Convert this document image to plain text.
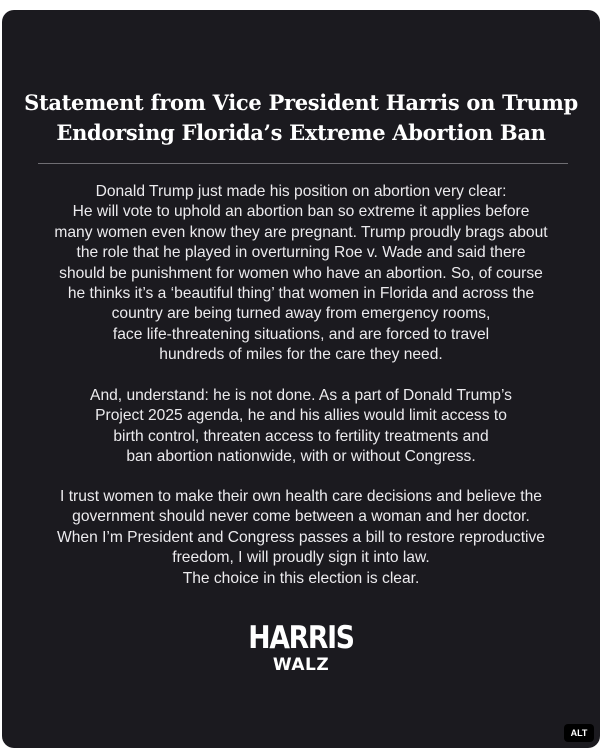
Statement from Vice President Harris on Trump
Endorsing Florida’s Extreme Abortion Ban

Donald Trump just made his position on abortion very clear:
He will vote to uphold an abortion ban so extreme it applies before
many women even know they are pregnant. Trump proudly brags about
the role that he played in overturning Roe v. Wade and said there
should be punishment for women who have an abortion. So, of course
he thinks it’s a ‘beautiful thing’ that women in Florida and across the
country are being turned away from emergency rooms,
face life-threatening situations, and are forced to travel
hundreds of miles for the care they need.

And, understand: he is not done. As a part of Donald Trump’s
Project 2025 agenda, he and his allies would limit access to
birth control, threaten access to fertility treatments and
ban abortion nationwide, with or without Congress.

I trust women to make their own health care decisions and believe the
government should never come between a woman and her doctor.
When I’m President and Congress passes a bill to restore reproductive
freedom, I will proudly sign it into law.
The choice in this election is clear.

HARRIS
WALZ
ALT
